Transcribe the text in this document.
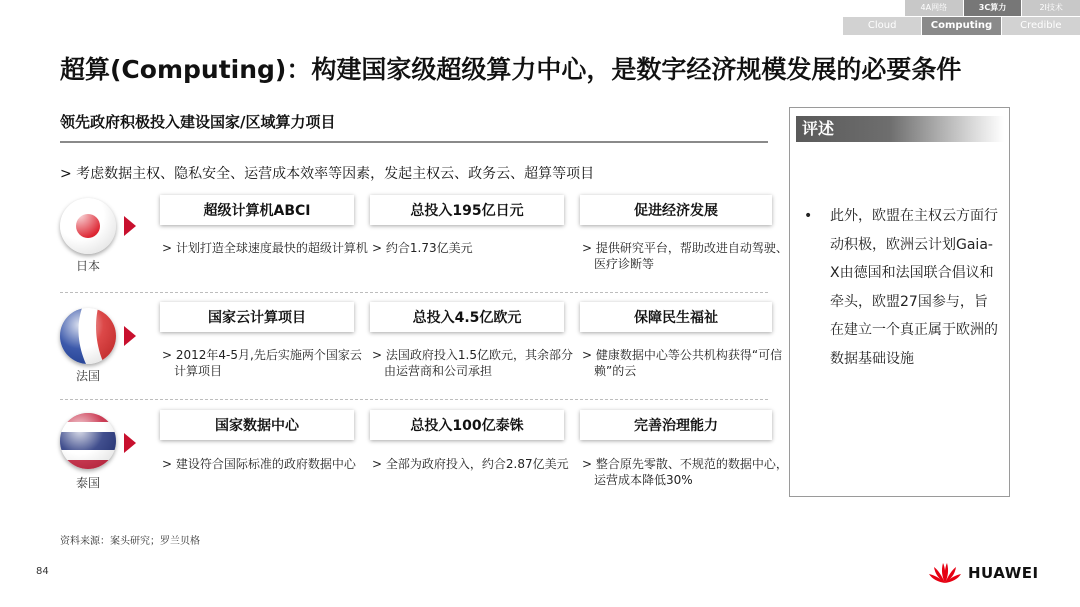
4A网络	3C算力	2I技术
Cloud	Computing	Credible
超算(Computing)：构建国家级超级算力中心，是数字经济规模发展的必要条件
领先政府积极投入建设国家/区域算力项目
> 考虑数据主权、隐私安全、运营成本效率等因素，发起主权云、政务云、超算等项目
日本
超级计算机ABCI
> 计划打造全球速度最快的超级计算机
总投入195亿日元
> 约合1.73亿美元
促进经济发展
> 提供研究平台，帮助改进自动驾驶、医疗诊断等
法国
国家云计算项目
> 2012年4-5月,先后实施两个国家云计算项目
总投入4.5亿欧元
> 法国政府投入1.5亿欧元，其余部分由运营商和公司承担
保障民生福祉
> 健康数据中心等公共机构获得“可信赖”的云
泰国
国家数据中心
> 建设符合国际标准的政府数据中心
总投入100亿泰铢
> 全部为政府投入，约合2.87亿美元
完善治理能力
> 整合原先零散、不规范的数据中心，运营成本降低30%
评述
• 此外，欧盟在主权云方面行动积极，欧洲云计划Gaia-X由德国和法国联合倡议和牵头，欧盟27国参与，旨在建立一个真正属于欧洲的数据基础设施
资料来源：案头研究；罗兰贝格
84	HUAWEI
